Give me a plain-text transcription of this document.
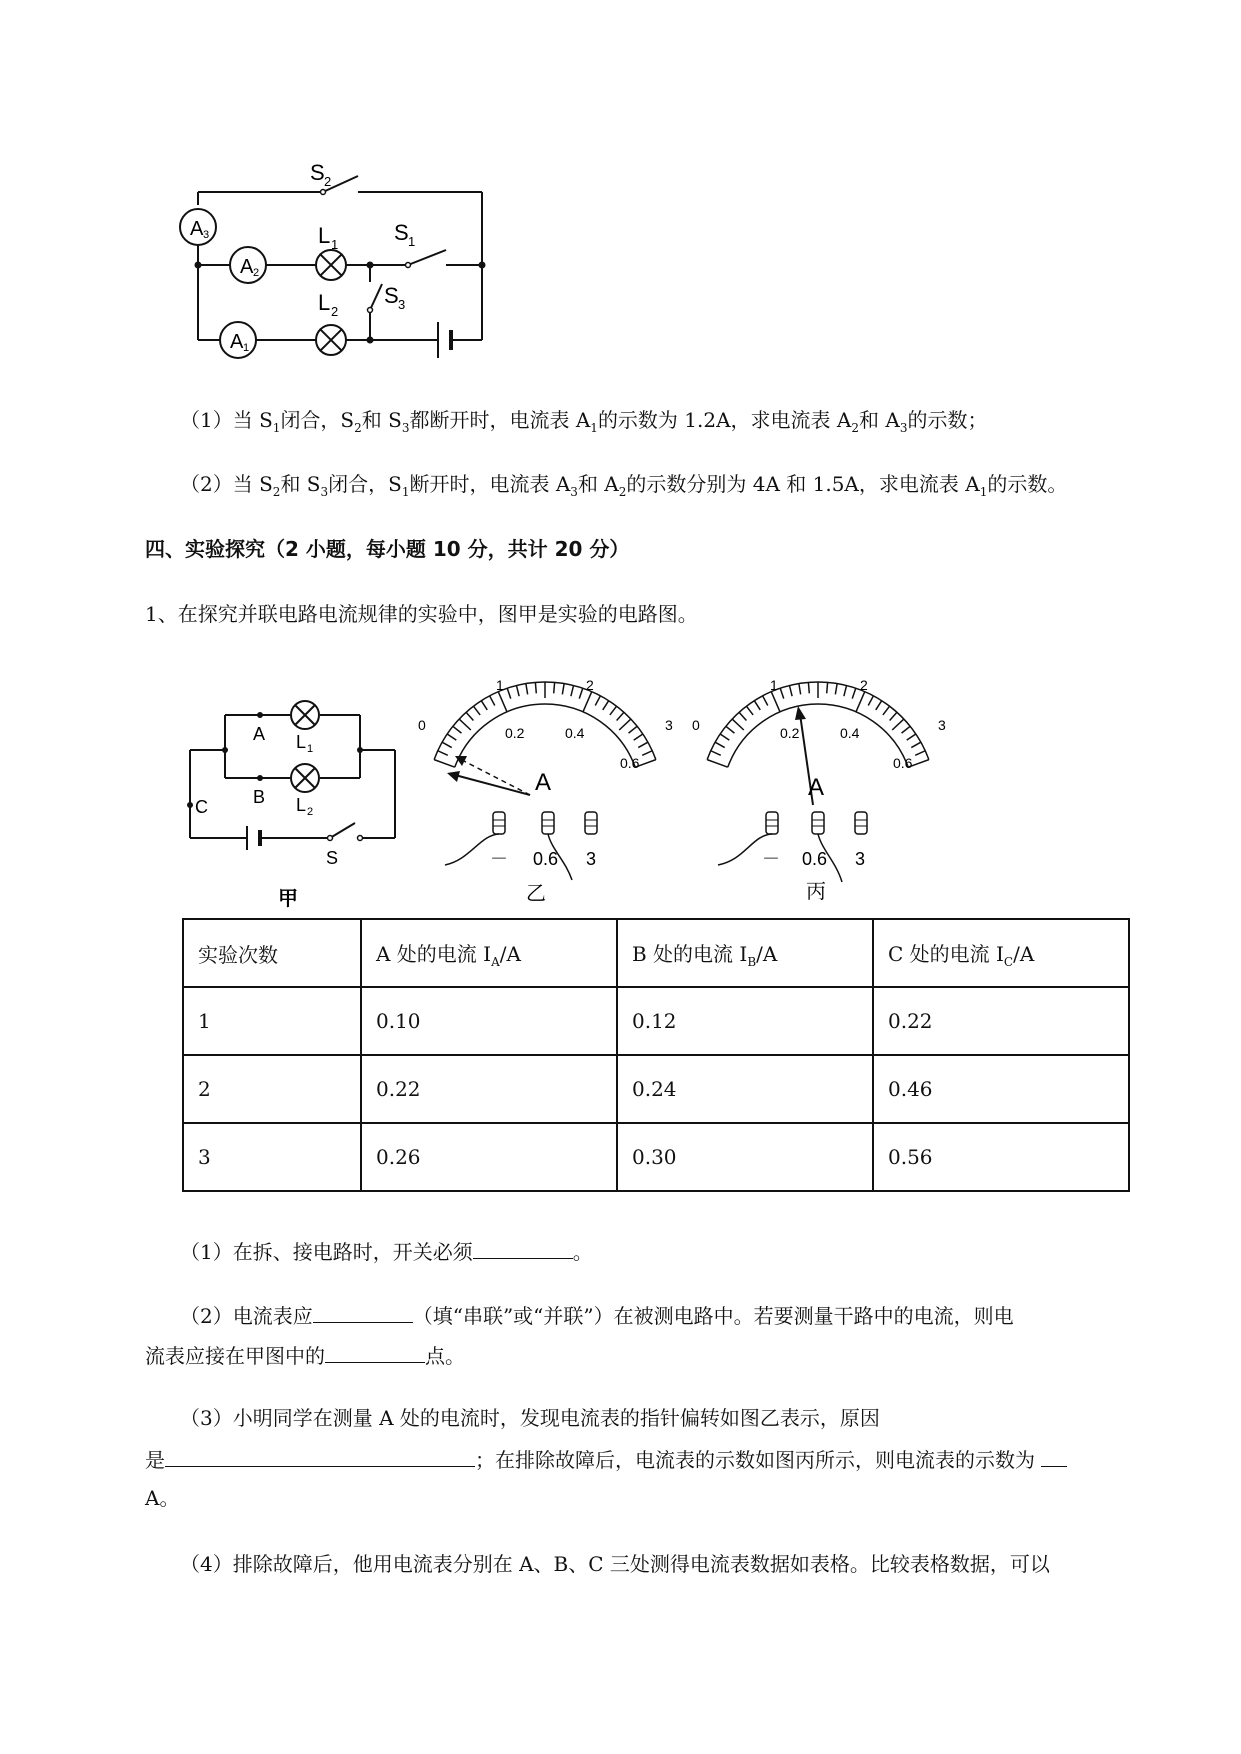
A 3
A 2
A 1
S 2
L 1	S 1
L 2
S 3
（1）当 $S_1$闭合，$S_2$和 $S_3$都断开时，电流表 $A_1$的示数为 1.2A，求电流表 $A_2$和 $A_3$的示数；
（2）当 $S_2$和 $S_3$闭合，$S_1$断开时，电流表 $A_3$和 $A_2$的示数分别为 4A 和 1.5A，求电流表 $A_1$的示数。
四、实验探究（2 小题，每小题 10 分，共计 20 分）
1、在探究并联电路电流规律的实验中，图甲是实验的电路图。
A
B
C
L 1
L 2
S
甲
0
1	2
3
0.2	0.4
0.6
A
－ 0.6 3
乙
0
1	2
3
0.2	0.4
0.6
A
－ 0.6 3
丙
实验次数	A 处的电流 $I_A/A$	B 处的电流 $I_B/A$	C 处的电流 $I_C/A$
1	0.10	0.12	0.22
2	0.22	0.24	0.46
3	0.26	0.30	0.56
（1）在拆、接电路时，开关必须	。
（2）电流表应	（填“串联”或“并联”）在被测电路中。若要测量干路中的电流，则电
流表应接在甲图中的	点。
（3）小明同学在测量 A 处的电流时，发现电流表的指针偏转如图乙表示，原因
是	；在排除故障后，电流表的示数如图丙所示，则电流表的示数为
A。
（4）排除故障后，他用电流表分别在 A、B、C 三处测得电流表数据如表格。比较表格数据，可以
